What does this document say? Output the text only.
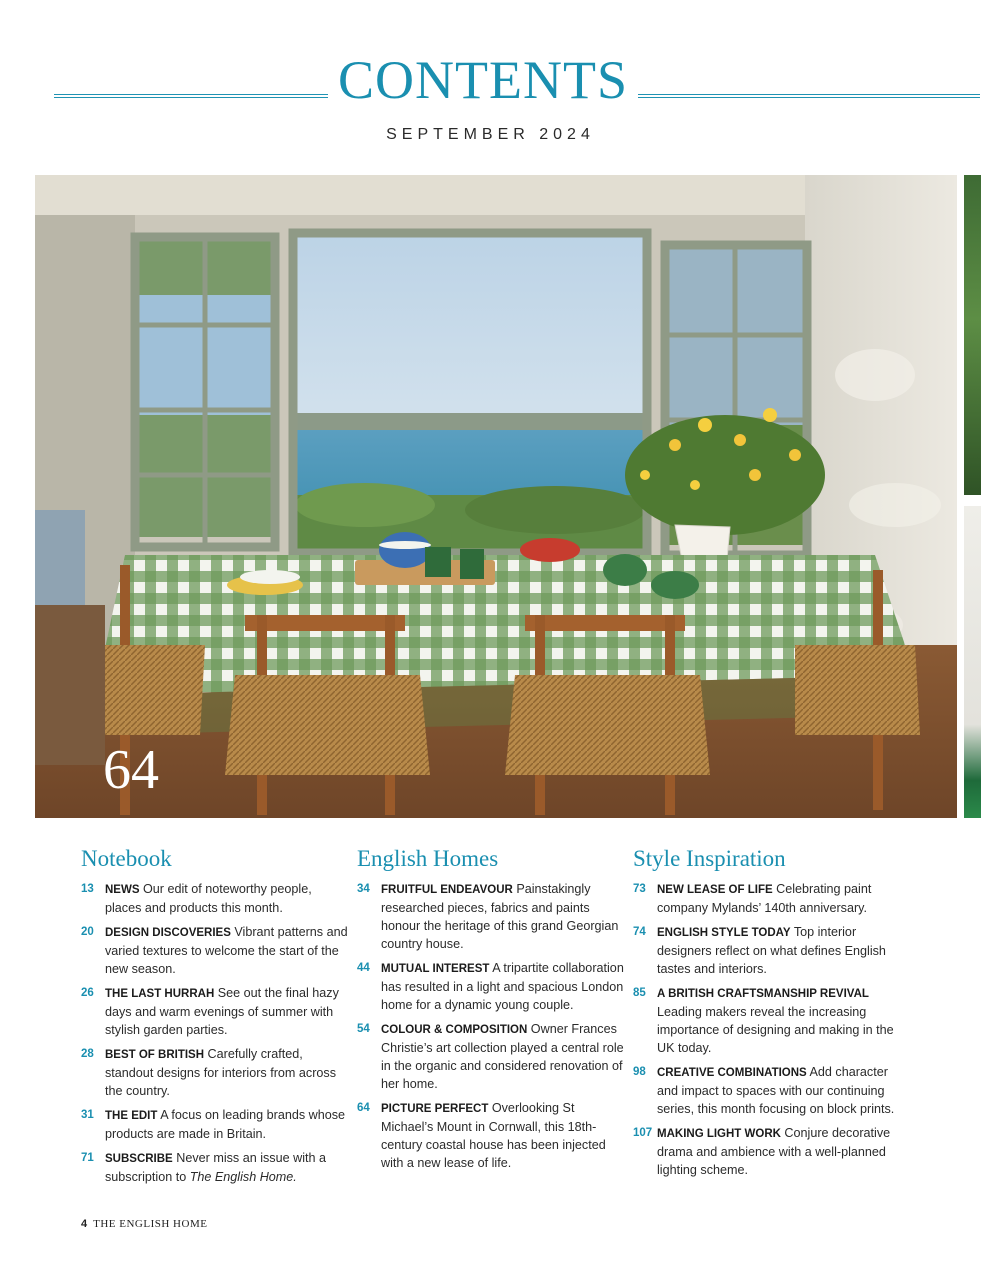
CONTENTS
SEPTEMBER 2024
64
Notebook
13 NEWS Our edit of noteworthy people, places and products this month.
20 DESIGN DISCOVERIES Vibrant patterns and varied textures to welcome the start of the new season.
26 THE LAST HURRAH See out the final hazy days and warm evenings of summer with stylish garden parties.
28 BEST OF BRITISH Carefully crafted, standout designs for interiors from across the country.
31 THE EDIT A focus on leading brands whose products are made in Britain.
71 SUBSCRIBE Never miss an issue with a subscription to The English Home.
English Homes
34 FRUITFUL ENDEAVOUR Painstakingly researched pieces, fabrics and paints honour the heritage of this grand Georgian country house.
44 MUTUAL INTEREST A tripartite collaboration has resulted in a light and spacious London home for a dynamic young couple.
54 COLOUR & COMPOSITION Owner Frances Christie’s art collection played a central role in the organic and considered renovation of her home.
64 PICTURE PERFECT Overlooking St Michael’s Mount in Cornwall, this 18th-century coastal house has been injected with a new lease of life.
Style Inspiration
73 NEW LEASE OF LIFE Celebrating paint company Mylands’ 140th anniversary.
74 ENGLISH STYLE TODAY Top interior designers reflect on what defines English tastes and interiors.
85 A BRITISH CRAFTSMANSHIP REVIVAL Leading makers reveal the increasing importance of designing and making in the UK today.
98 CREATIVE COMBINATIONS Add character and impact to spaces with our continuing series, this month focusing on block prints.
107 MAKING LIGHT WORK Conjure decorative drama and ambience with a well-planned lighting scheme.
4 THE ENGLISH HOME
